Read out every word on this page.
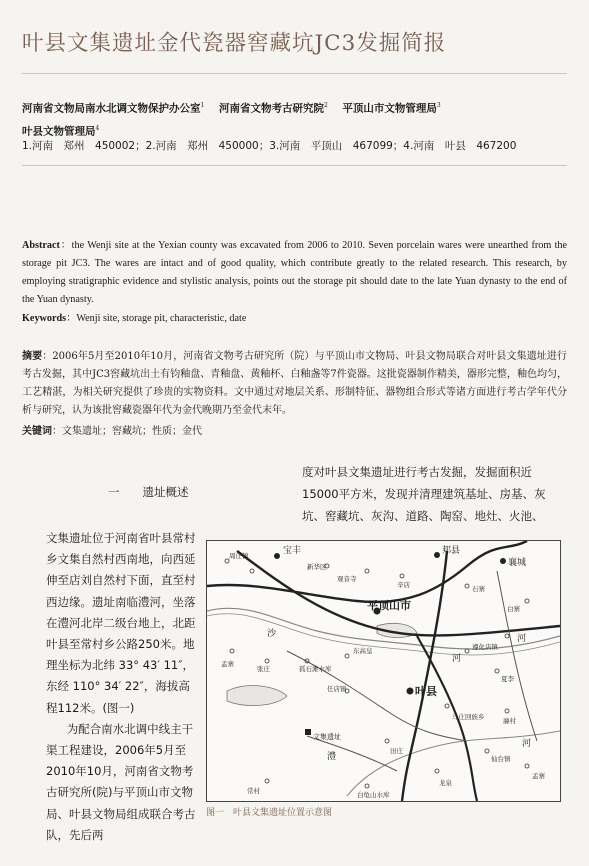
叶县文集遗址金代瓷器窖藏坑JC3发掘简报
河南省文物局南水北调文物保护办公室$^1$ 河南省文物考古研究院$^2$ 平顶山市文物管理局$^3$
叶县文物管理局$^4$
1.河南　郑州　450002；2.河南　郑州　450000；3.河南　平顶山　467099；4.河南　叶县　467200
Abstract：the Wenji site at the Yexian county was excavated from 2006 to 2010. Seven porcelain wares were unearthed from the storage pit JC3. The wares are intact and of good quality, which contribute greatly to the related research. This research, by employing stratigraphic evidence and stylistic analysis, points out the storage pit should date to the late Yuan dynasty to the end of the Yuan dynasty.
Keywords：Wenji site, storage pit, characteristic, date
摘要：2006年5月至2010年10月，河南省文物考古研究所（院）与平顶山市文物局、叶县文物局联合对叶县文集遗址进行考古发掘，其中JC3窖藏坑出土有钧釉盘、青釉盘、黄釉杯、白釉盏等7件瓷器。这批瓷器制作精美，器形完整，釉色均匀，工艺精湛，为相关研究提供了珍贵的实物资料。文中通过对地层关系、形制特征、器物组合形式等诸方面进行考古学年代分析与研究，认为该批窖藏瓷器年代为金代晚期乃至金代末年。
关键词：文集遗址；窖藏坑；性质；金代
一　　遗址概述

文集遗址位于河南省叶县常村乡文集自然村西南地，向西延伸至店刘自然村下面，直至村西边缘。遗址南临澧河，坐落在澧河北岸二级台地上，北距叶县至常村乡公路250米。地理坐标为北纬 33° 43′ 11″，东经 110° 34′ 22″，海拔高程112米。(图一)

为配合南水北调中线主干渠工程建设，2006年5月至2010年10月，河南省文物考古研究所(院)与平顶山市文物局、叶县文物局组成联合考古队，先后两

度对叶县文集遗址进行考古发掘，发掘面积近15000平方米，发现并清理建筑基址、房基、灰坑、窖藏坑、灰沟、道路、陶窑、地灶、火池、

宝丰	郏县
襄城
平顶山市
叶县
文集遗址
沙
河
河
澧
河
周庄镇
新华区
观音寺
辛店	石寨
白寨
孟寨
张庄	孤石滩水库
东高皇	遵化店镇
夏李
任店镇
马庄回族乡	廉村
田庄
仙台镇
孟寨
常村	白龟山水库
龙泉
图一　叶县文集遗址位置示意图
